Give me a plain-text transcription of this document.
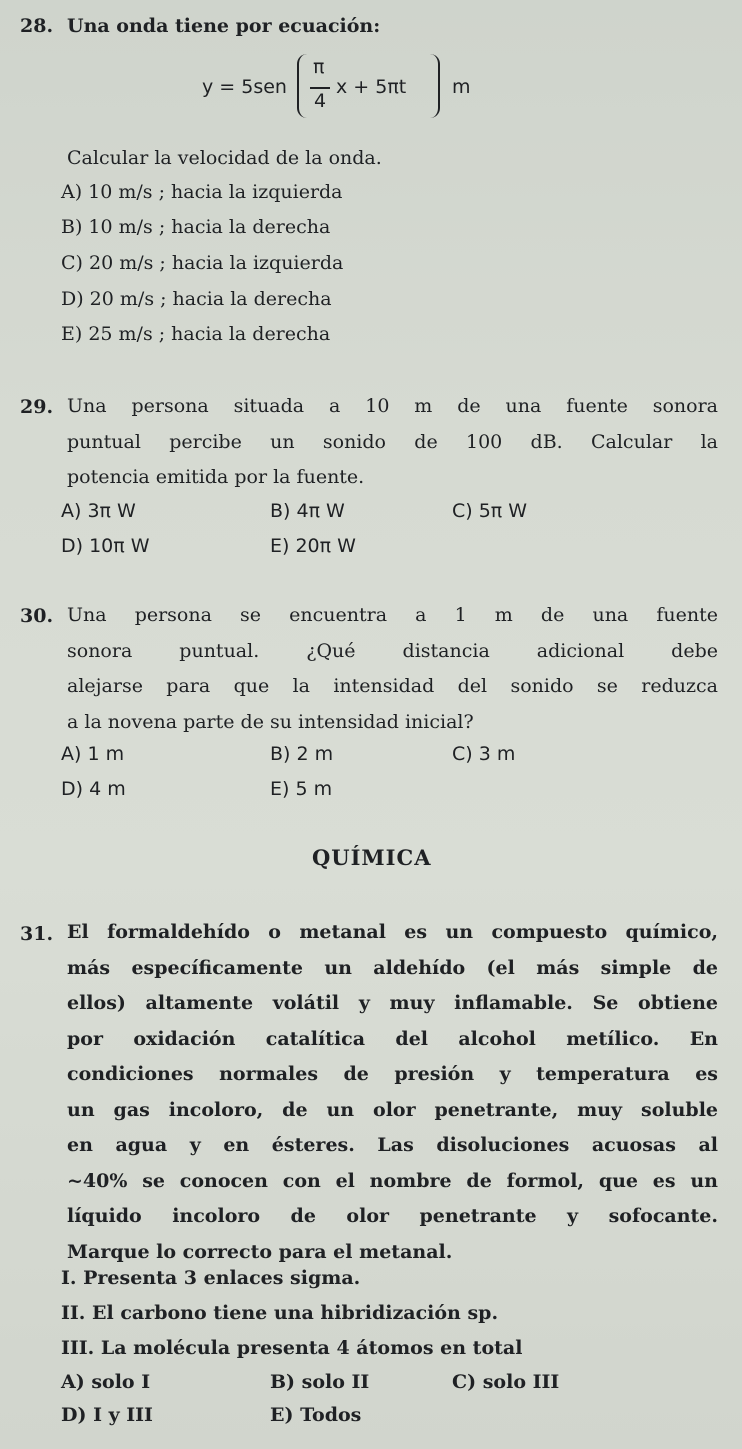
28. Una onda tiene por ecuación:
y = 5sen
π
4
x + 5πt m
Calcular la velocidad de la onda.
A) 10 m/s ; hacia la izquierda
B) 10 m/s ; hacia la derecha
C) 20 m/s ; hacia la izquierda
D) 20 m/s ; hacia la derecha
E) 25 m/s ; hacia la derecha
29. Una persona situada a 10 m de una fuente sonora
puntual percibe un sonido de 100 dB. Calcular la
potencia emitida por la fuente.
A) 3π W	B) 4π W	C) 5π W
D) 10π W	E) 20π W
30. Una persona se encuentra a 1 m de una fuente
sonora puntual. ¿Qué distancia adicional debe
alejarse para que la intensidad del sonido se reduzca
a la novena parte de su intensidad inicial?
A) 1 m	B) 2 m	C) 3 m
D) 4 m	E) 5 m
QUÍMICA
31. El formaldehído o metanal es un compuesto químico,
más específicamente un aldehído (el más simple de
ellos) altamente volátil y muy inflamable. Se obtiene
por oxidación catalítica del alcohol metílico. En
condiciones normales de presión y temperatura es
un gas incoloro, de un olor penetrante, muy soluble
en agua y en ésteres. Las disoluciones acuosas al
~40% se conocen con el nombre de formol, que es un
líquido incoloro de olor penetrante y sofocante.
Marque lo correcto para el metanal.
I. Presenta 3 enlaces sigma.
II. El carbono tiene una hibridización sp.
III. La molécula presenta 4 átomos en total
A) solo I	B) solo II	C) solo III
D) I y III	E) Todos
